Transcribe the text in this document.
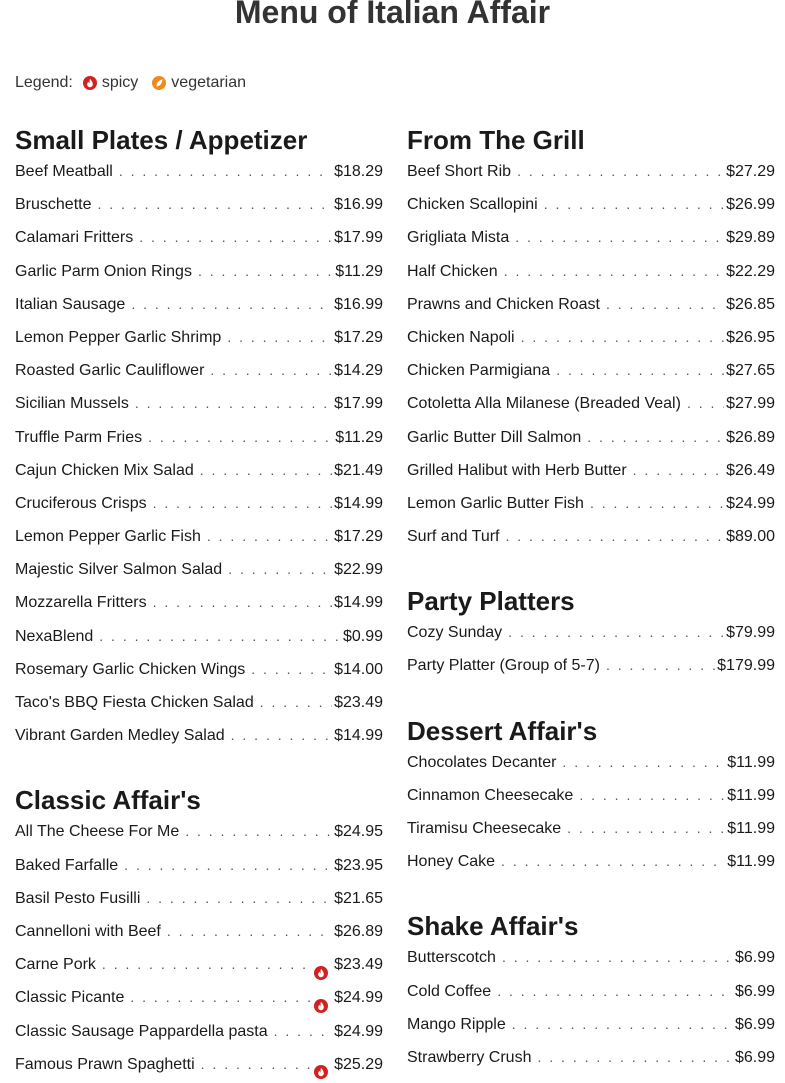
Menu of Italian Affair
Legend: spicy vegetarian
Small Plates / Appetizer
Beef Meatball . . .	$18.29
Bruschette . . .	$16.99
Calamari Fritters . . .	$17.99
Garlic Parm Onion Rings . . .	$11.29
Italian Sausage . . .	$16.99
Lemon Pepper Garlic Shrimp . . .	$17.29
Roasted Garlic Cauliflower . . .	$14.29
Sicilian Mussels . . .	$17.99
Truffle Parm Fries . . .	$11.29
Cajun Chicken Mix Salad . . .	$21.49
Cruciferous Crisps . . .	$14.99
Lemon Pepper Garlic Fish . . .	$17.29
Majestic Silver Salmon Salad . . .	$22.99
Mozzarella Fritters . . .	$14.99
NexaBlend . . .	$0.99
Rosemary Garlic Chicken Wings . . .	$14.00
Taco's BBQ Fiesta Chicken Salad . . .	$23.49
Vibrant Garden Medley Salad . . .	$14.99
Classic Affair's
All The Cheese For Me . . .	$24.95
Baked Farfalle . . .	$23.95
Basil Pesto Fusilli . . .	$21.65
Cannelloni with Beef . . .	$26.89
Carne Pork . . .	$23.49
Classic Picante . . .	$24.99
Classic Sausage Pappardella pasta . . .	$24.99
Famous Prawn Spaghetti . . .	$25.29
From The Grill
Beef Short Rib . . .	$27.29
Chicken Scallopini . . .	$26.99
Grigliata Mista . . .	$29.89
Half Chicken . . .	$22.29
Prawns and Chicken Roast . . .	$26.85
Chicken Napoli . . .	$26.95
Chicken Parmigiana . . .	$27.65
Cotoletta Alla Milanese (Breaded Veal) . . .	$27.99
Garlic Butter Dill Salmon . . .	$26.89
Grilled Halibut with Herb Butter . . .	$26.49
Lemon Garlic Butter Fish . . .	$24.99
Surf and Turf . . .	$89.00
Party Platters
Cozy Sunday . . .	$79.99
Party Platter (Group of 5-7) . . .	$179.99
Dessert Affair's
Chocolates Decanter . . .	$11.99
Cinnamon Cheesecake . . .	$11.99
Tiramisu Cheesecake . . .	$11.99
Honey Cake . . .	$11.99
Shake Affair's
Butterscotch . . .	$6.99
Cold Coffee . . .	$6.99
Mango Ripple . . .	$6.99
Strawberry Crush . . .	$6.99
